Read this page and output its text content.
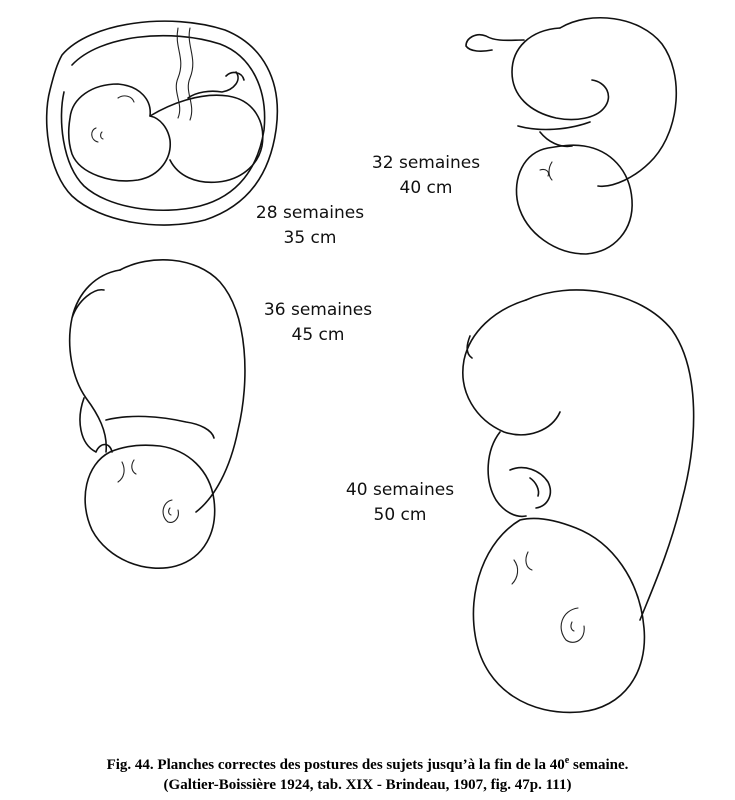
28 semaines
35 cm
32 semaines
40 cm
36 semaines
45 cm
40 semaines
50 cm
Fig. 44. Planches correctes des postures des sujets jusqu’à la fin de la 40e semaine.
(Galtier-Boissière 1924, tab. XIX - Brindeau, 1907, fig. 47p. 111)
